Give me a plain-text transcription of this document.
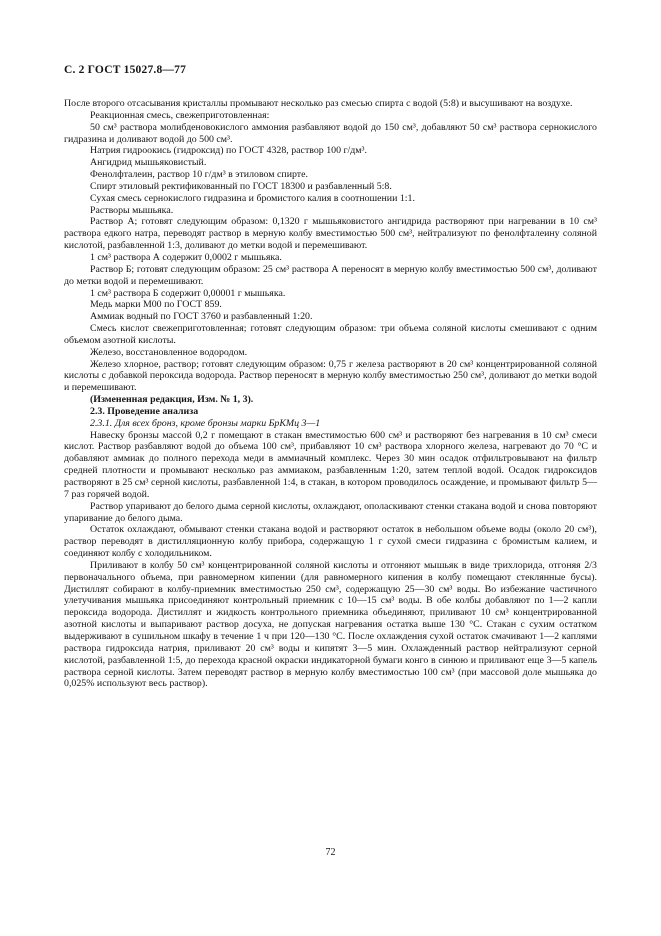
С. 2 ГОСТ 15027.8—77

После второго отсасывания кристаллы промывают несколько раз смесью спирта с водой (5:8) и высушивают на воздухе.

Реакционная смесь, свежеприготовленная:

50 см³ раствора молибденовокислого аммония разбавляют водой до 150 см³, добавляют 50 см³ раствора сернокислого гидразина и доливают водой до 500 см³.

Натрия гидроокись (гидроксид) по ГОСТ 4328, раствор 100 г/дм³.

Ангидрид мышьяковистый.

Фенолфталеин, раствор 10 г/дм³ в этиловом спирте.

Спирт этиловый ректификованный по ГОСТ 18300 и разбавленный 5:8.

Сухая смесь сернокислого гидразина и бромистого калия в соотношении 1:1.

Растворы мышьяка.

Раствор А; готовят следующим образом: 0,1320 г мышьяковистого ангидрида растворяют при нагревании в 10 см³ раствора едкого натра, переводят раствор в мерную колбу вместимостью 500 см³, нейтрализуют по фенолфталеину соляной кислотой, разбавленной 1:3, доливают до метки водой и перемешивают.

1 см³ раствора А содержит 0,0002 г мышьяка.

Раствор Б; готовят следующим образом: 25 см³ раствора А переносят в мерную колбу вместимостью 500 см³, доливают до метки водой и перемешивают.

1 см³ раствора Б содержит 0,00001 г мышьяка.

Медь марки М00 по ГОСТ 859.

Аммиак водный по ГОСТ 3760 и разбавленный 1:20.

Смесь кислот свежеприготовленная; готовят следующим образом: три объема соляной кислоты смешивают с одним объемом азотной кислоты.

Железо, восстановленное водородом.

Железо хлорное, раствор; готовят следующим образом: 0,75 г железа растворяют в 20 см³ концентрированной соляной кислоты с добавкой пероксида водорода. Раствор переносят в мерную колбу вместимостью 250 см³, доливают до метки водой и перемешивают.

(Измененная редакция, Изм. № 1, 3).

2.3. Проведение анализа

2.3.1. Для всех бронз, кроме бронзы марки БрКМц 3—1

Навеску бронзы массой 0,2 г помещают в стакан вместимостью 600 см³ и растворяют без нагревания в 10 см³ смеси кислот. Раствор разбавляют водой до объема 100 см³, прибавляют 10 см³ раствора хлорного железа, нагревают до 70 °С и добавляют аммиак до полного перехода меди в аммиачный комплекс. Через 30 мин осадок отфильтровывают на фильтр средней плотности и промывают несколько раз аммиаком, разбавленным 1:20, затем теплой водой. Осадок гидроксидов растворяют в 25 см³ серной кислоты, разбавленной 1:4, в стакан, в котором проводилось осаждение, и промывают фильтр 5—7 раз горячей водой.

Раствор упаривают до белого дыма серной кислоты, охлаждают, ополаскивают стенки стакана водой и снова повторяют упаривание до белого дыма.

Остаток охлаждают, обмывают стенки стакана водой и растворяют остаток в небольшом объеме воды (около 20 см³), раствор переводят в дистилляционную колбу прибора, содержащую 1 г сухой смеси гидразина с бромистым калием, и соединяют колбу с холодильником.

Приливают в колбу 50 см³ концентрированной соляной кислоты и отгоняют мышьяк в виде трихлорида, отгоняя 2/3 первоначального объема, при равномерном кипении (для равномерного кипения в колбу помещают стеклянные бусы). Дистиллят собирают в колбу-приемник вместимостью 250 см³, содержащую 25—30 см³ воды. Во избежание частичного улетучивания мышьяка присоединяют контрольный приемник с 10—15 см³ воды. В обе колбы добавляют по 1—2 капли пероксида водорода. Дистиллят и жидкость контрольного приемника объединяют, приливают 10 см³ концентрированной азотной кислоты и выпаривают раствор досуха, не допуская нагревания остатка выше 130 °С. Стакан с сухим остатком выдерживают в сушильном шкафу в течение 1 ч при 120—130 °С. После охлаждения сухой остаток смачивают 1—2 каплями раствора гидроксида натрия, приливают 20 см³ воды и кипятят 3—5 мин. Охлажденный раствор нейтрализуют серной кислотой, разбавленной 1:5, до перехода красной окраски индикаторной бумаги конго в синюю и приливают еще 3—5 капель раствора серной кислоты. Затем переводят раствор в мерную колбу вместимостью 100 см³ (при массовой доле мышьяка до 0,025% используют весь раствор).

72
